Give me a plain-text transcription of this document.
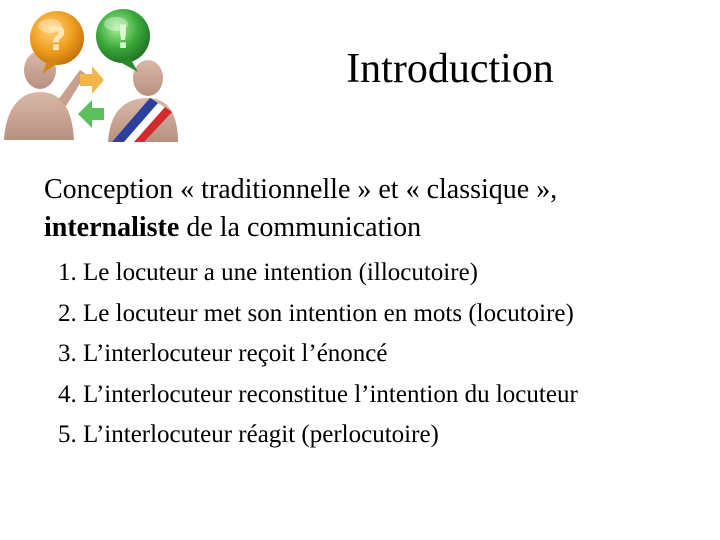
? !
Introduction
Conception « traditionnelle » et « classique »,
internaliste de la communication
1. Le locuteur a une intention (illocutoire)
2. Le locuteur met son intention en mots (locutoire)
3. L’interlocuteur reçoit l’énoncé
4. L’interlocuteur reconstitue l’intention du locuteur
5. L’interlocuteur réagit (perlocutoire)
